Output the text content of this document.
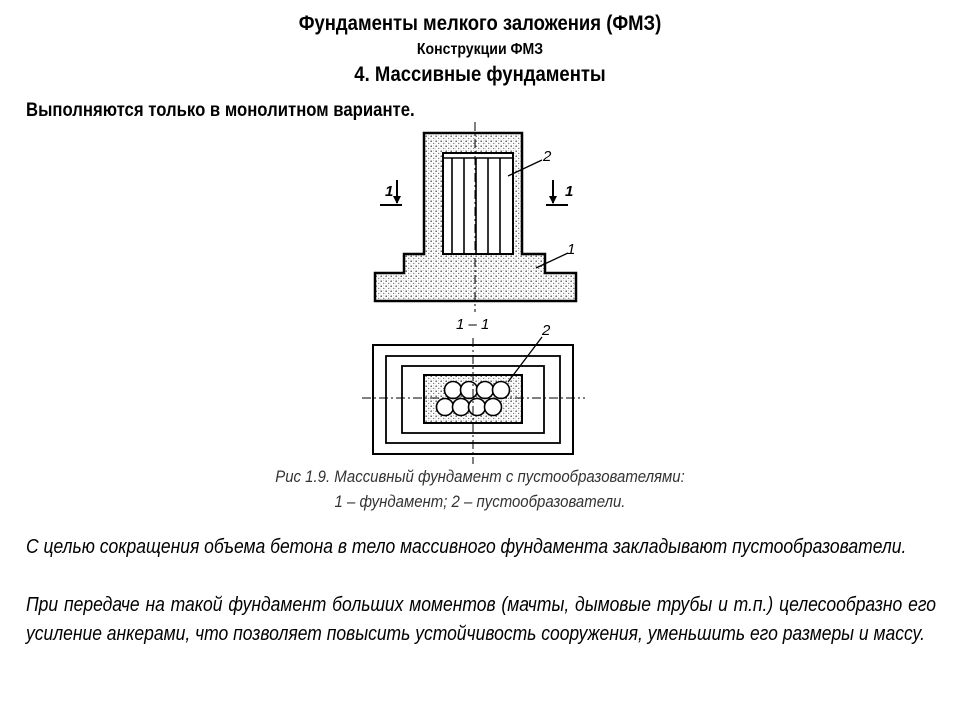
Фундаменты мелкого заложения (ФМЗ)
Конструкции ФМЗ
4. Массивные фундаменты
Выполняются только в монолитном варианте.
1	1
2
1
1 – 1	2
Рис 1.9. Массивный фундамент с пустообразователями:
1 – фундамент; 2 – пустообразователи.
С целью сокращения объема бетона в тело массивного фундамента закладывают пустообразователи.
При передаче на такой фундамент больших моментов (мачты, дымовые трубы и т.п.) целесообразно его усиление анкерами, что позволяет повысить устойчивость сооружения, уменьшить его размеры и массу.
